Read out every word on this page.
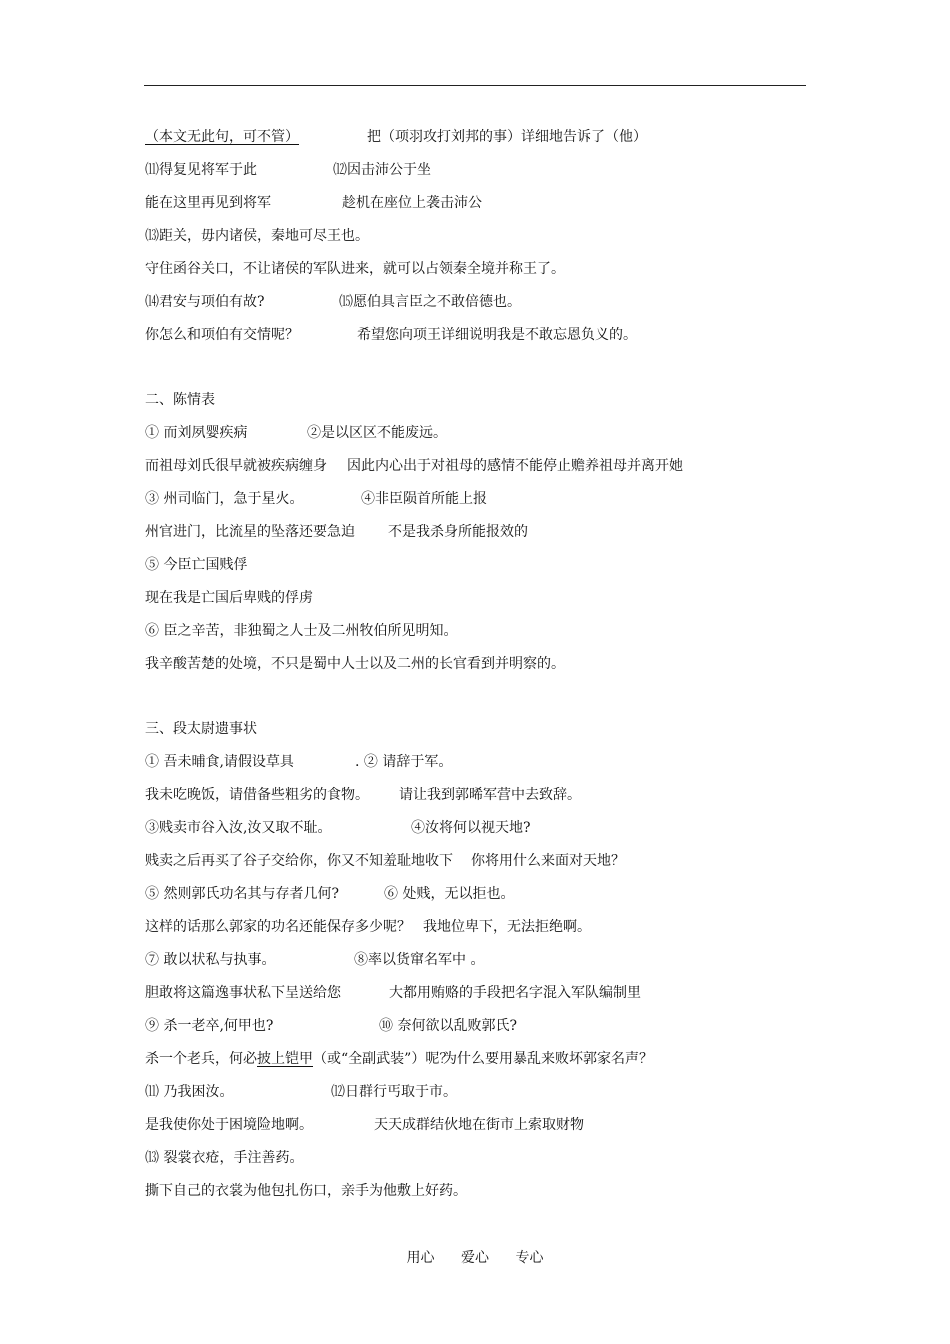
（本文无此句，可不管）	把（项羽攻打刘邦的事）详细地告诉了（他）
⑾得复见将军于此	⑿因击沛公于坐
能在这里再见到将军	趁机在座位上袭击沛公
⒀距关，毋内诸侯，秦地可尽王也。
守住函谷关口，不让诸侯的军队进来，就可以占领秦全境并称王了。
⒁君安与项伯有故?	⒂愿伯具言臣之不敢倍德也。
你怎么和项伯有交情呢？	希望您向项王详细说明我是不敢忘恩负义的。
二、陈情表
① 而刘夙婴疾病	②是以区区不能废远。
而祖母刘氏很早就被疾病缠身 因此内心出于对祖母的感情不能停止赡养祖母并离开她
③ 州司临门，急于星火。	④非臣陨首所能上报
州官进门，比流星的坠落还要急迫 不是我杀身所能报效的
⑤ 今臣亡国贱俘
现在我是亡国后卑贱的俘虏
⑥ 臣之辛苦，非独蜀之人士及二州牧伯所见明知。
我辛酸苦楚的处境，不只是蜀中人士以及二州的长官看到并明察的。
三、段太尉遗事状
① 吾未晡食,请假设草具	. ② 请辞于军。
我未吃晚饭，请借备些粗劣的食物。 请让我到郭晞军营中去致辞。
③贱卖市谷入汝,汝又取不耻。	④汝将何以视天地?
贱卖之后再买了谷子交给你，你又不知羞耻地收下 你将用什么来面对天地？
⑤ 然则郭氏功名其与存者几何?	⑥ 处贱，无以拒也。
这样的话那么郭家的功名还能保存多少呢？ 我地位卑下，无法拒绝啊。
⑦ 敢以状私与执事。	⑧率以货窜名军中 。
胆敢将这篇逸事状私下呈送给您	大都用贿赂的手段把名字混入军队编制里
⑨ 杀一老卒,何甲也?	⑩ 奈何欲以乱败郭氏?
杀一个老兵，何必披上铠甲（或“全副武装”）呢？为什么要用暴乱来败坏郭家名声？
⑾ 乃我困汝。	⑿日群行丐取于市。
是我使你处于困境险地啊。	天天成群结伙地在街市上索取财物
⒀ 裂裳衣疮，手注善药。
撕下自己的衣裳为他包扎伤口，亲手为他敷上好药。
用心 爱心 专心
